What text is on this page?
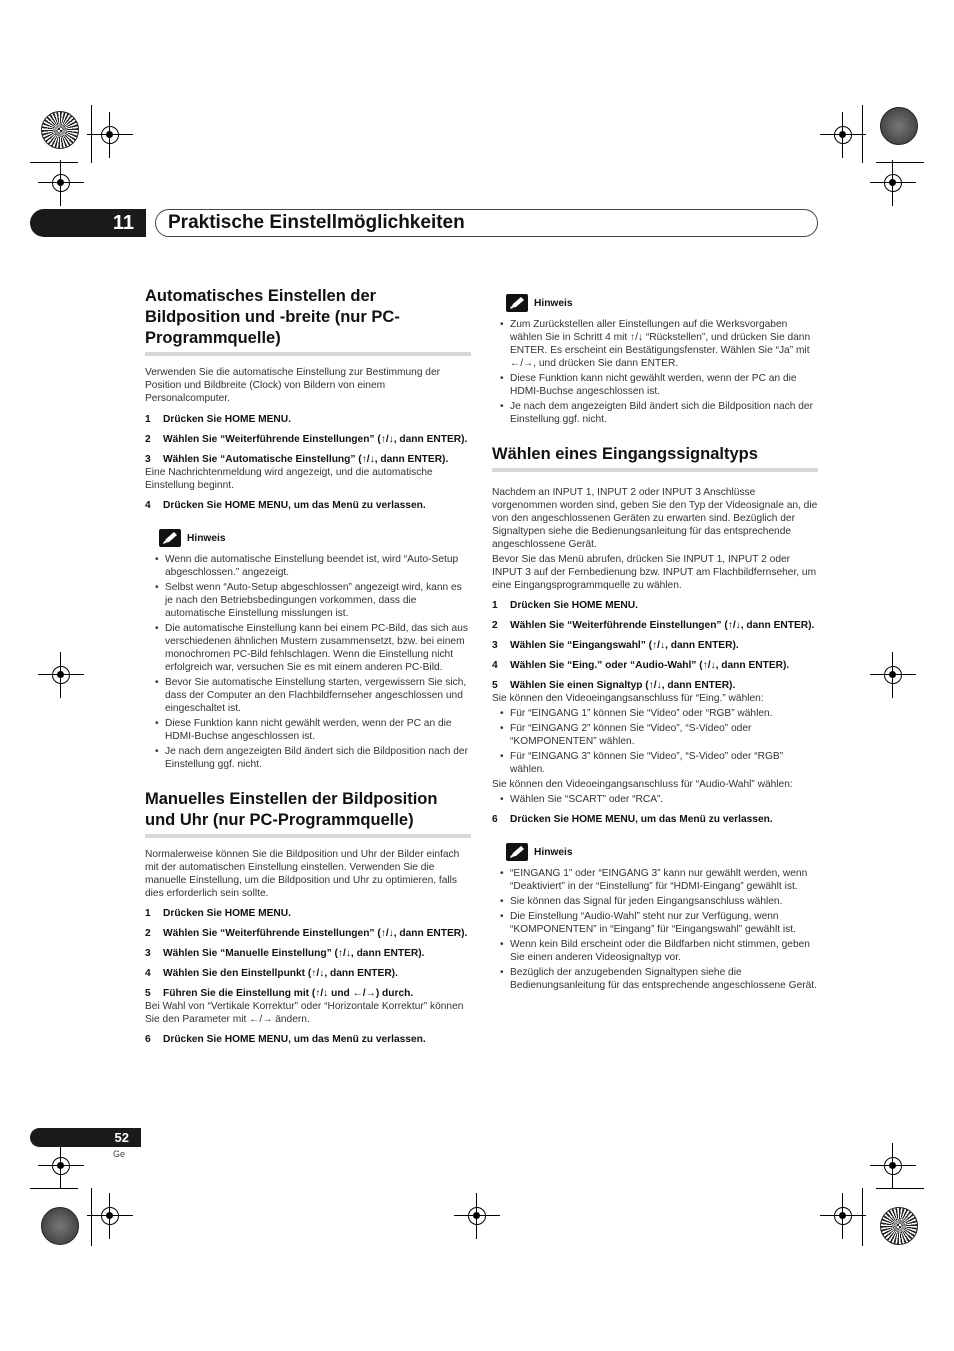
11	Praktische Einstellmöglichkeiten
Automatisches Einstellen der Bildposition und -breite (nur PC-Programmquelle)

Verwenden Sie die automatische Einstellung zur Bestimmung der Position und Bildbreite (Clock) von Bildern von einem Personalcomputer.

1 Drücken Sie HOME MENU.

2 Wählen Sie “Weiterführende Einstellungen” (↑/↓, dann ENTER).

3 Wählen Sie “Automatische Einstellung” (↑/↓, dann ENTER).

Eine Nachrichtenmeldung wird angezeigt, und die automatische Einstellung beginnt.

4 Drücken Sie HOME MENU, um das Menü zu verlassen.

Hinweis
• Wenn die automatische Einstellung beendet ist, wird “Auto-Setup abgeschlossen.” angezeigt.
• Selbst wenn “Auto-Setup abgeschlossen” angezeigt wird, kann es je nach den Betriebsbedingungen vorkommen, dass die automatische Einstellung misslungen ist.
• Die automatische Einstellung kann bei einem PC-Bild, das sich aus verschiedenen ähnlichen Mustern zusammensetzt, bzw. bei einem monochromen PC-Bild fehlschlagen. Wenn die Einstellung nicht erfolgreich war, versuchen Sie es mit einem anderen PC-Bild.
• Bevor Sie automatische Einstellung starten, vergewissern Sie sich, dass der Computer an den Flachbildfernseher angeschlossen und eingeschaltet ist.
• Diese Funktion kann nicht gewählt werden, wenn der PC an die HDMI-Buchse angeschlossen ist.
• Je nach dem angezeigten Bild ändert sich die Bildposition nach der Einstellung ggf. nicht.
Manuelles Einstellen der Bildposition und Uhr (nur PC-Programmquelle)

Normalerweise können Sie die Bildposition und Uhr der Bilder einfach mit der automatischen Einstellung einstellen. Verwenden Sie die manuelle Einstellung, um die Bildposition und Uhr zu optimieren, falls dies erforderlich sein sollte.

1 Drücken Sie HOME MENU.

2 Wählen Sie “Weiterführende Einstellungen” (↑/↓, dann ENTER).

3 Wählen Sie “Manuelle Einstellung” (↑/↓, dann ENTER).

4 Wählen Sie den Einstellpunkt (↑/↓, dann ENTER).

5 Führen Sie die Einstellung mit (↑/↓ und ←/→) durch.

Bei Wahl von “Vertikale Korrektur” oder “Horizontale Korrektur” können Sie den Parameter mit ←/→ ändern.

6 Drücken Sie HOME MENU, um das Menü zu verlassen.

Hinweis
• Zum Zurückstellen aller Einstellungen auf die Werksvorgaben wählen Sie in Schritt 4 mit ↑/↓ “Rückstellen”, und drücken Sie dann ENTER. Es erscheint ein Bestätigungsfenster. Wählen Sie “Ja” mit ←/→, und drücken Sie dann ENTER.
• Diese Funktion kann nicht gewählt werden, wenn der PC an die HDMI-Buchse angeschlossen ist.
• Je nach dem angezeigten Bild ändert sich die Bildposition nach der Einstellung ggf. nicht.
Wählen eines Eingangssignaltyps

Nachdem an INPUT 1, INPUT 2 oder INPUT 3 Anschlüsse vorgenommen worden sind, geben Sie den Typ der Videosignale an, die von den angeschlossenen Geräten zu erwarten sind. Bezüglich der Signaltypen siehe die Bedienungsanleitung für das entsprechende angeschlossene Gerät.

Bevor Sie das Menü abrufen, drücken Sie INPUT 1, INPUT 2 oder INPUT 3 auf der Fernbedienung bzw. INPUT am Flachbildfernseher, um eine Eingangsprogrammquelle zu wählen.

1 Drücken Sie HOME MENU.

2 Wählen Sie “Weiterführende Einstellungen” (↑/↓, dann ENTER).

3 Wählen Sie “Eingangswahl” (↑/↓, dann ENTER).

4 Wählen Sie “Eing.” oder “Audio-Wahl” (↑/↓, dann ENTER).

5 Wählen Sie einen Signaltyp (↑/↓, dann ENTER).

Sie können den Videoeingangsanschluss für “Eing.” wählen:

• Für “EINGANG 1” können Sie “Video” oder “RGB” wählen.
• Für “EINGANG 2” können Sie “Video”, “S-Video” oder “KOMPONENTEN” wählen.
• Für “EINGANG 3” können Sie “Video”, “S-Video” oder “RGB” wählen.

Sie können den Videoeingangsanschluss für “Audio-Wahl” wählen:

• Wählen Sie “SCART” oder “RCA”.

6 Drücken Sie HOME MENU, um das Menü zu verlassen.

Hinweis
• “EINGANG 1” oder “EINGANG 3” kann nur gewählt werden, wenn “Deaktiviert” in der “Einstellung” für “HDMI-Eingang” gewählt ist.
• Sie können das Signal für jeden Eingangsanschluss wählen.
• Die Einstellung “Audio-Wahl” steht nur zur Verfügung, wenn “KOMPONENTEN” in “Eingang” für “Eingangswahl” gewählt ist.
• Wenn kein Bild erscheint oder die Bildfarben nicht stimmen, geben Sie einen anderen Videosignaltyp vor.
• Bezüglich der anzugebenden Signaltypen siehe die Bedienungsanleitung für das entsprechende angeschlossene Gerät.
52
Ge
